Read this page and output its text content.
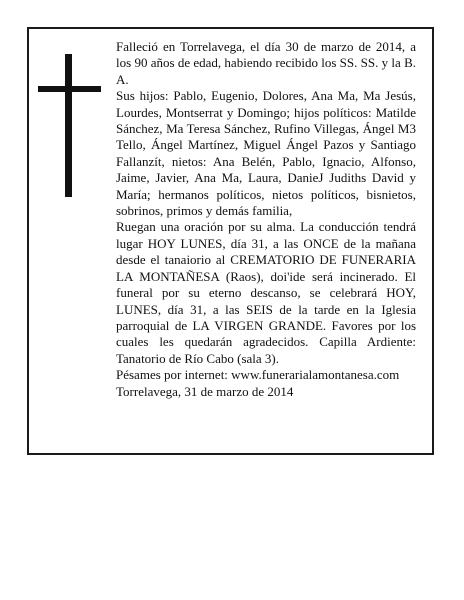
Falleció en Torrelavega, el día 30 de marzo de 2014, a los 90 años de edad, habiendo recibido los SS. SS. y la B. A.

Sus hijos: Pablo, Eugenio, Dolores, Ana Ma, Ma Jesús, Lourdes, Montserrat y Domingo; hijos políticos: Matilde Sánchez, Ma Teresa Sánchez, Rufino Villegas, Ángel M3 Tello, Ángel Martínez, Miguel Ángel Pazos y Santiago Fallanzít, nietos: Ana Belén, Pablo, Ignacio, Alfonso, Jaime, Javier, Ana Ma, Laura, DanieJ Judiths David y María; hermanos políticos, nietos políticos, bisnietos, sobrinos, primos y demás familia,

Ruegan una oración por su alma. La conducción tendrá lugar HOY LUNES, día 31, a las ONCE de la mañana desde el tanaiorio al CREMATORIO DE FUNERARIA LA MONTAÑESA (Raos), doi'ide será incinerado. El funeral por su eterno descanso, se celebrará HOY, LUNES, día 31, a las SEIS de la tarde en la Iglesia parroquial de LA VIRGEN GRANDE. Favores por los cuales les quedarán agradecidos. Capilla Ardiente: Tanatorio de Río Cabo (sala 3).

Pésames por internet: www.funerarialamontanesa.com

Torrelavega, 31 de marzo de 2014
